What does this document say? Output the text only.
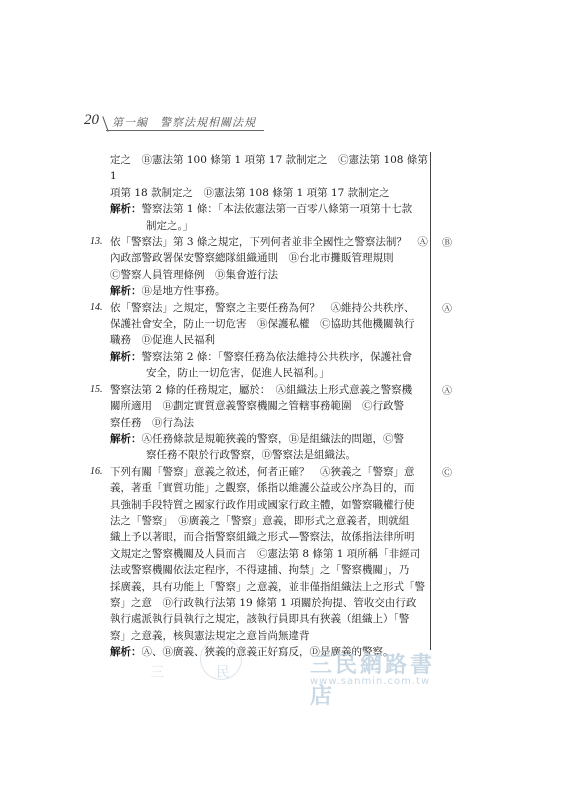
20 第一編　警察法規相關法規

定之　Ⓑ憲法第 100 條第 1 項第 17 款制定之　Ⓒ憲法第 108 條第 1

項第 18 款制定之　Ⓓ憲法第 108 條第 1 項第 17 款制定之

解析：警察法第 1 條：「本法依憲法第一百零八條第一項第十七款

制定之。」

13. 依「警察法」第 3 條之規定，下列何者並非全國性之警察法制？　Ⓐ

內政部警政署保安警察總隊組織通則　Ⓑ台北市攤販管理規則

Ⓒ警察人員管理條例　Ⓓ集會遊行法

解析：Ⓑ是地方性事務。

14. 依「警察法」之規定，警察之主要任務為何？　Ⓐ維持公共秩序、

保護社會安全，防止一切危害　Ⓑ保護私權　Ⓒ協助其他機關執行

職務　Ⓓ促進人民福利

解析：警察法第 2 條：「警察任務為依法維持公共秩序，保護社會

安全，防止一切危害，促進人民福利。」

15. 警察法第 2 條的任務規定，屬於：　Ⓐ組織法上形式意義之警察機

關所適用　Ⓑ劃定實質意義警察機關之管轄事務範圍　Ⓒ行政警

察任務　Ⓓ行為法

解析：Ⓐ任務條款是規範狹義的警察，Ⓑ是組織法的問題，Ⓒ警

察任務不限於行政警察，Ⓓ警察法是組織法。

16. 下列有關「警察」意義之敘述，何者正確？　Ⓐ狹義之「警察」意

義，著重「實質功能」之觀察，係指以維護公益或公序為目的，而

具強制手段特質之國家行政作用或國家行政主體，如警察職權行使

法之「警察」　Ⓑ廣義之「警察」意義，即形式之意義者，則就組

織上予以著眼，而合指警察組織之形式—警察法，故係指法律所明

文規定之警察機關及人員而言　Ⓒ憲法第 8 條第 1 項所稱「非經司

法或警察機關依法定程序，不得逮捕、拘禁」之「警察機關」，乃

採廣義，具有功能上「警察」之意義，並非僅指組織法上之形式「警

察」之意　Ⓓ行政執行法第 19 條第 1 項關於拘提、管收交由行政

執行處派執行員執行之規定，該執行員即具有狹義（組織上）「警

察」之意義，核與憲法規定之意旨尚無違背

解析：Ⓐ、Ⓑ廣義、狹義的意義正好寫反，Ⓓ是廣義的警察。

Ⓑ
Ⓐ
Ⓐ
Ⓒ
三	民	三民網路書店
www.sanmin.com.tw
